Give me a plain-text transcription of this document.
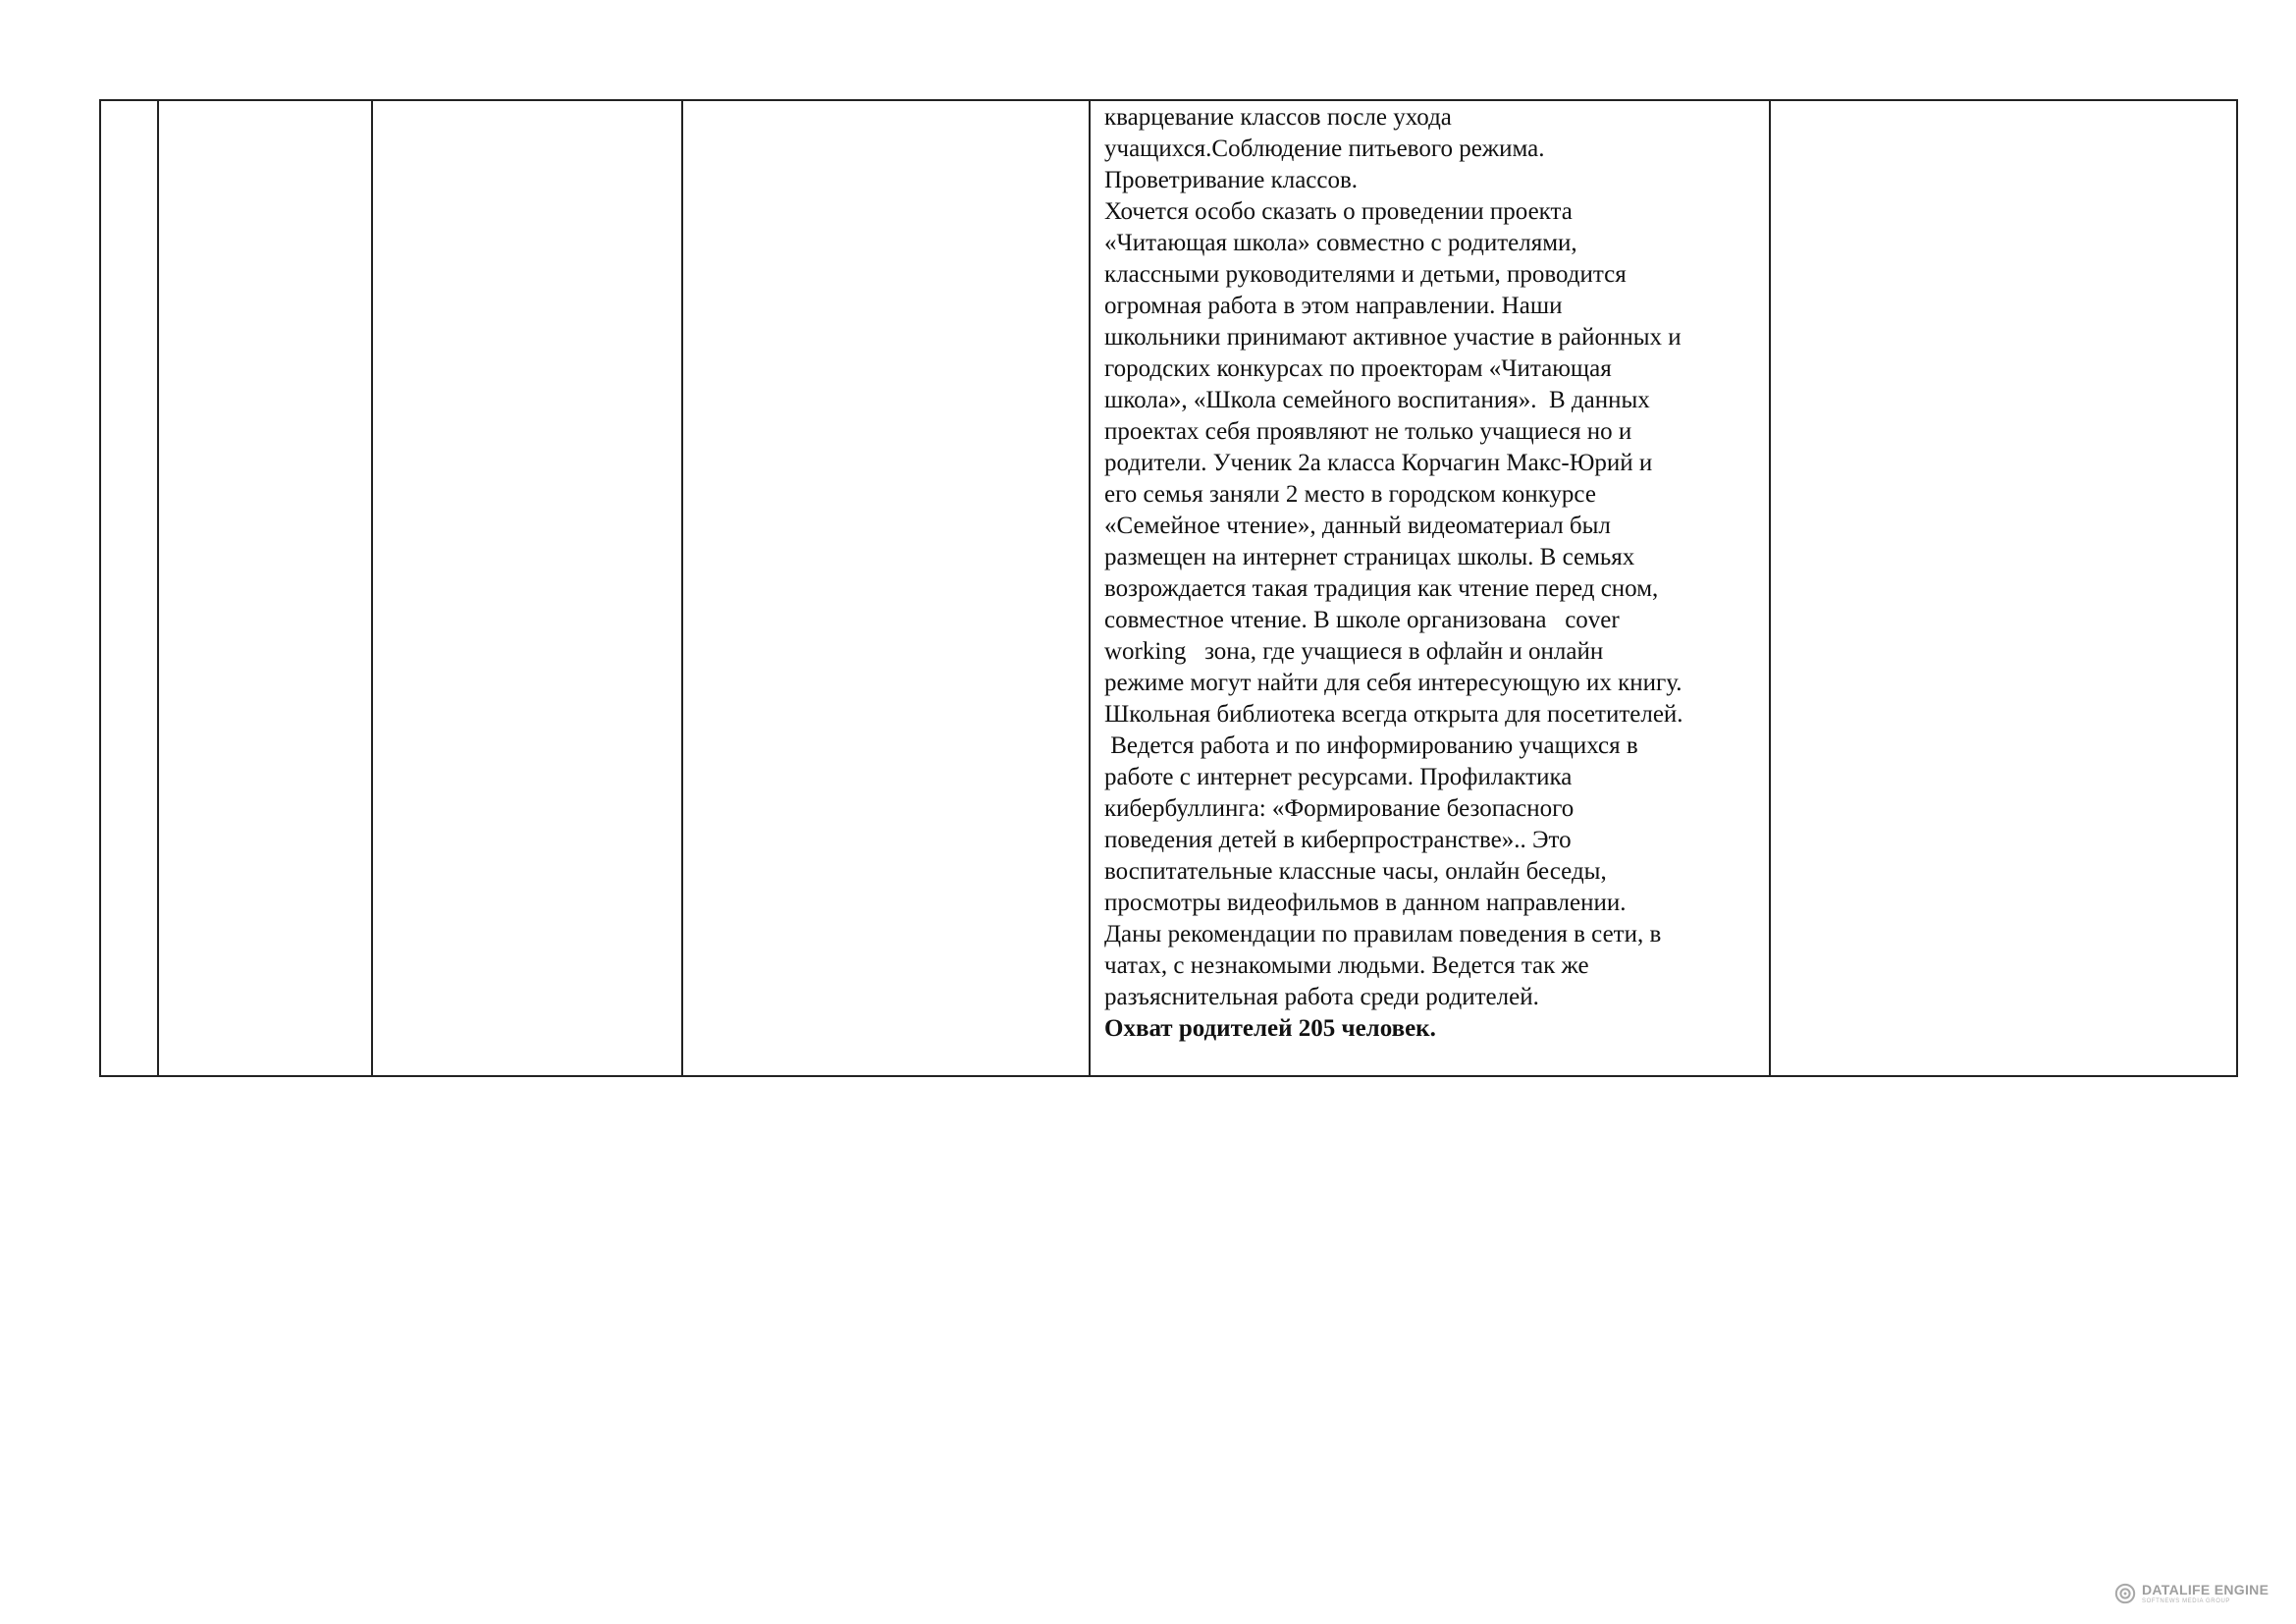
кварцевание классов после ухода
учащихся.Соблюдение питьевого режима.
Проветривание классов.
Хочется особо сказать о проведении проекта
«Читающая школа» совместно с родителями,
классными руководителями и детьми, проводится
огромная работа в этом направлении. Наши
школьники принимают активное участие в районных и
городских конкурсах по проекторам «Читающая
школа», «Школа семейного воспитания».  В данных
проектах себя проявляют не только учащиеся но и
родители. Ученик 2а класса Корчагин Макс-Юрий и
его семья заняли 2 место в городском конкурсе
«Семейное чтение», данный видеоматериал был
размещен на интернет страницах школы. В семьях
возрождается такая традиция как чтение перед сном,
совместное чтение. В школе организована   cover
working   зона, где учащиеся в офлайн и онлайн
режиме могут найти для себя интересующую их книгу.
Школьная библиотека всегда открыта для посетителей.
Ведется работа и по информированию учащихся в
работе с интернет ресурсами. Профилактика
кибербуллинга: «Формирование безопасного
поведения детей в киберпространстве».. Это
воспитательные классные часы, онлайн беседы,
просмотры видеофильмов в данном направлении.
Даны рекомендации по правилам поведения в сети, в
чатах, с незнакомыми людьми. Ведется так же
разъяснительная работа среди родителей.
Охват родителей 205 человек.

DATALIFE ENGINE
SOFTNEWS MEDIA GROUP
